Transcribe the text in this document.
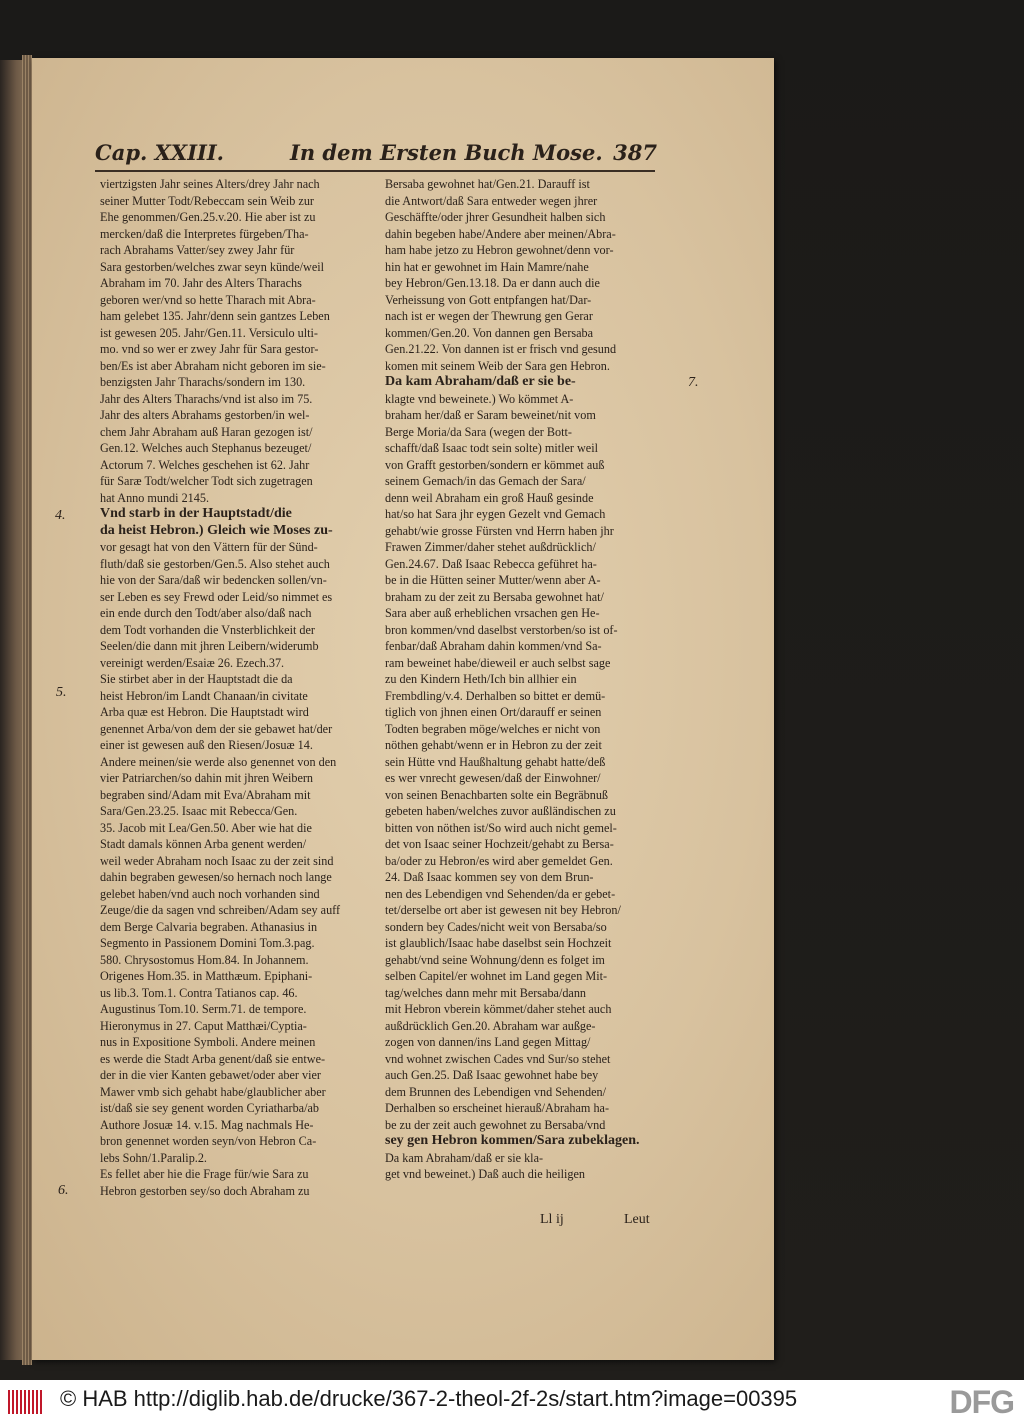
Cap. XXIII.	In dem Ersten Buch Mose. 387

viertzigsten Jahr seines Alters/drey Jahr nach

seiner Mutter Todt/Rebeccam sein Weib zur

Ehe genommen/Gen.25.v.20. Hie aber ist zu

mercken/daß die Interpretes fürgeben/Tha-

rach Abrahams Vatter/sey zwey Jahr für

Sara gestorben/welches zwar seyn künde/weil

Abraham im 70. Jahr des Alters Tharachs

geboren wer/vnd so hette Tharach mit Abra-

ham gelebet 135. Jahr/denn sein gantzes Leben

ist gewesen 205. Jahr/Gen.11. Versiculo ulti-

mo. vnd so wer er zwey Jahr für Sara gestor-

ben/Es ist aber Abraham nicht geboren im sie-

benzigsten Jahr Tharachs/sondern im 130.

Jahr des Alters Tharachs/vnd ist also im 75.

Jahr des alters Abrahams gestorben/in wel-

chem Jahr Abraham auß Haran gezogen ist/

Gen.12. Welches auch Stephanus bezeuget/

Actorum 7. Welches geschehen ist 62. Jahr

für Saræ Todt/welcher Todt sich zugetragen

hat Anno mundi 2145.

Vnd starb in der Hauptstadt/die

da heist Hebron.) Gleich wie Moses zu-

vor gesagt hat von den Vättern für der Sünd-

fluth/daß sie gestorben/Gen.5. Also stehet auch

hie von der Sara/daß wir bedencken sollen/vn-

ser Leben es sey Frewd oder Leid/so nimmet es

ein ende durch den Todt/aber also/daß nach

dem Todt vorhanden die Vnsterblichkeit der

Seelen/die dann mit jhren Leibern/widerumb

vereinigt werden/Esaiæ 26. Ezech.37.

Sie stirbet aber in der Hauptstadt die da

heist Hebron/im Landt Chanaan/in civitate

Arba quæ est Hebron. Die Hauptstadt wird

genennet Arba/von dem der sie gebawet hat/der

einer ist gewesen auß den Riesen/Josuæ 14.

Andere meinen/sie werde also genennet von den

vier Patriarchen/so dahin mit jhren Weibern

begraben sind/Adam mit Eva/Abraham mit

Sara/Gen.23.25. Isaac mit Rebecca/Gen.

35. Jacob mit Lea/Gen.50. Aber wie hat die

Stadt damals können Arba genent werden/

weil weder Abraham noch Isaac zu der zeit sind

dahin begraben gewesen/so hernach noch lange

gelebet haben/vnd auch noch vorhanden sind

Zeuge/die da sagen vnd schreiben/Adam sey auff

dem Berge Calvaria begraben. Athanasius in

Segmento in Passionem Domini Tom.3.pag.

580. Chrysostomus Hom.84. In Johannem.

Origenes Hom.35. in Matthæum. Epiphani-

us lib.3. Tom.1. Contra Tatianos cap. 46.

Augustinus Tom.10. Serm.71. de tempore.

Hieronymus in 27. Caput Matthæi/Cyptia-

nus in Expositione Symboli. Andere meinen

es werde die Stadt Arba genent/daß sie entwe-

der in die vier Kanten gebawet/oder aber vier

Mawer vmb sich gehabt habe/glaublicher aber

ist/daß sie sey genent worden Cyriatharba/ab

Authore Josuæ 14. v.15. Mag nachmals He-

bron genennet worden seyn/von Hebron Ca-

lebs Sohn/1.Paralip.2.

Es fellet aber hie die Frage für/wie Sara zu

Hebron gestorben sey/so doch Abraham zu

Bersaba gewohnet hat/Gen.21. Darauff ist

die Antwort/daß Sara entweder wegen jhrer

Geschäffte/oder jhrer Gesundheit halben sich

dahin begeben habe/Andere aber meinen/Abra-

ham habe jetzo zu Hebron gewohnet/denn vor-

hin hat er gewohnet im Hain Mamre/nahe

bey Hebron/Gen.13.18. Da er dann auch die

Verheissung von Gott entpfangen hat/Dar-

nach ist er wegen der Thewrung gen Gerar

kommen/Gen.20. Von dannen gen Bersaba

Gen.21.22. Von dannen ist er frisch vnd gesund

komen mit seinem Weib der Sara gen Hebron.

Da kam Abraham/daß er sie be-

klagte vnd beweinete.) Wo kömmet A-

braham her/daß er Saram beweinet/nit vom

Berge Moria/da Sara (wegen der Bott-

schafft/daß Isaac todt sein solte) mitler weil

von Grafft gestorben/sondern er kömmet auß

seinem Gemach/in das Gemach der Sara/

denn weil Abraham ein groß Hauß gesinde

hat/so hat Sara jhr eygen Gezelt vnd Gemach

gehabt/wie grosse Fürsten vnd Herrn haben jhr

Frawen Zimmer/daher stehet außdrücklich/

Gen.24.67. Daß Isaac Rebecca geführet ha-

be in die Hütten seiner Mutter/wenn aber A-

braham zu der zeit zu Bersaba gewohnet hat/

Sara aber auß erheblichen vrsachen gen He-

bron kommen/vnd daselbst verstorben/so ist of-

fenbar/daß Abraham dahin kommen/vnd Sa-

ram beweinet habe/dieweil er auch selbst sage

zu den Kindern Heth/Ich bin allhier ein

Frembdling/v.4. Derhalben so bittet er demü-

tiglich von jhnen einen Ort/darauff er seinen

Todten begraben möge/welches er nicht von

nöthen gehabt/wenn er in Hebron zu der zeit

sein Hütte vnd Haußhaltung gehabt hatte/deß

es wer vnrecht gewesen/daß der Einwohner/

von seinen Benachbarten solte ein Begräbnuß

gebeten haben/welches zuvor außländischen zu

bitten von nöthen ist/So wird auch nicht gemel-

det von Isaac seiner Hochzeit/gehabt zu Bersa-

ba/oder zu Hebron/es wird aber gemeldet Gen.

24. Daß Isaac kommen sey von dem Brun-

nen des Lebendigen vnd Sehenden/da er gebet-

tet/derselbe ort aber ist gewesen nit bey Hebron/

sondern bey Cades/nicht weit von Bersaba/so

ist glaublich/Isaac habe daselbst sein Hochzeit

gehabt/vnd seine Wohnung/denn es folget im

selben Capitel/er wohnet im Land gegen Mit-

tag/welches dann mehr mit Bersaba/dann

mit Hebron vberein kömmet/daher stehet auch

außdrücklich Gen.20. Abraham war außge-

zogen von dannen/ins Land gegen Mittag/

vnd wohnet zwischen Cades vnd Sur/so stehet

auch Gen.25. Daß Isaac gewohnet habe bey

dem Brunnen des Lebendigen vnd Sehenden/

Derhalben so erscheinet hierauß/Abraham ha-

be zu der zeit auch gewohnet zu Bersaba/vnd

sey gen Hebron kommen/Sara zubeklagen.

Da kam Abraham/daß er sie kla-

get vnd beweinet.) Daß auch die heiligen

4.
5.
6.
7.
Ll ij	Leut
© HAB http://diglib.hab.de/drucke/367-2-theol-2f-2s/start.htm?image=00395	DFG
